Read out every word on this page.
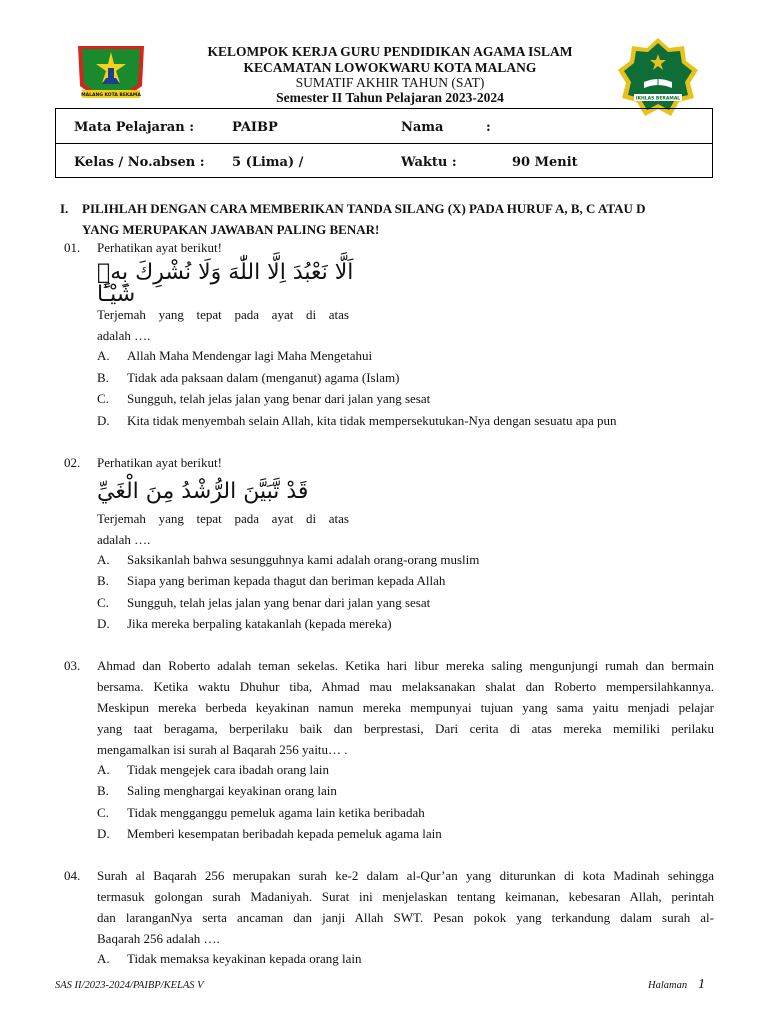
MALANG KOTA BEKAMA
IKHLAS BERAMAL
KELOMPOK KERJA GURU PENDIDIKAN AGAMA ISLAM
KECAMATAN LOWOKWARU KOTA MALANG
SUMATIF AKHIR TAHUN (SAT)
Semester II Tahun Pelajaran 2023-2024
Mata Pelajaran :	PAIBP	Nama	:
Kelas / No.absen : 5 (Lima) /	Waktu :	90 Menit
I. PILIHLAH DENGAN CARA MEMBERIKAN TANDA SILANG (X) PADA HURUF A, B, C ATAU D
YANG MERUPAKAN JAWABAN PALING BENAR!
01. Perhatikan ayat berikut!
اَلَّا نَعْبُدَ اِلَّا اللّٰهَ وَلَا نُشْرِكَ بِهٖ
شَيْـًٔا
Terjemah yang tepat pada ayat di atas
adalah ….
A. Allah Maha Mendengar lagi Maha Mengetahui
B. Tidak ada paksaan dalam (menganut) agama (Islam)
C. Sungguh, telah jelas jalan yang benar dari jalan yang sesat
D. Kita tidak menyembah selain Allah, kita tidak mempersekutukan-Nya dengan sesuatu apa pun
02. Perhatikan ayat berikut!
قَدْ تَّبَيَّنَ الرُّشْدُ مِنَ الْغَيِّ
Terjemah yang tepat pada ayat di atas
adalah ….
A. Saksikanlah bahwa sesungguhnya kami adalah orang-orang muslim
B. Siapa yang beriman kepada thagut dan beriman kepada Allah
C. Sungguh, telah jelas jalan yang benar dari jalan yang sesat
D. Jika mereka berpaling katakanlah (kepada mereka)
03. Ahmad dan Roberto adalah teman sekelas. Ketika hari libur mereka saling mengunjungi rumah dan bermain
bersama. Ketika waktu Dhuhur tiba, Ahmad mau melaksanakan shalat dan Roberto mempersilahkannya.
Meskipun mereka berbeda keyakinan namun mereka mempunyai tujuan yang sama yaitu menjadi pelajar
yang taat beragama, berperilaku baik dan berprestasi, Dari cerita di atas mereka memiliki perilaku
mengamalkan isi surah al Baqarah 256 yaitu… .
A. Tidak mengejek cara ibadah orang lain
B. Saling menghargai keyakinan orang lain
C. Tidak mengganggu pemeluk agama lain ketika beribadah
D. Memberi kesempatan beribadah kepada pemeluk agama lain
04. Surah al Baqarah 256 merupakan surah ke-2 dalam al-Qur’an yang diturunkan di kota Madinah sehingga
termasuk golongan surah Madaniyah. Surat ini menjelaskan tentang keimanan, kebesaran Allah, perintah
dan laranganNya serta ancaman dan janji Allah SWT. Pesan pokok yang terkandung dalam surah al-
Baqarah 256 adalah ….
A. Tidak memaksa keyakinan kepada orang lain
SAS II/2023-2024/PAIBP/KELAS V	Halaman 1
